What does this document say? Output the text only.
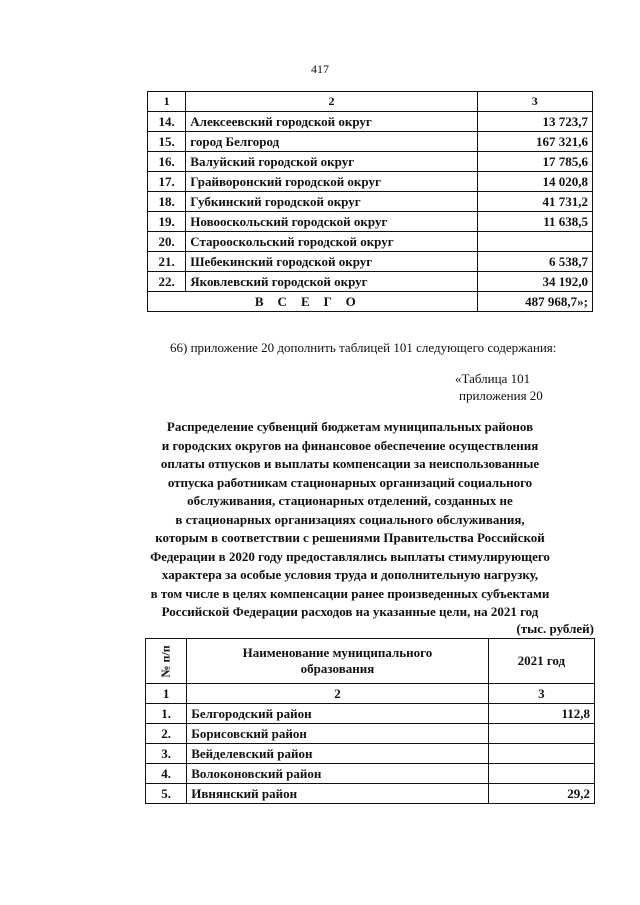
417
1	2	3
14.	Алексеевский городской округ	13 723,7
15.	город Белгород	167 321,6
16.	Валуйский городской округ	17 785,6
17.	Грайворонский городской округ	14 020,8
18.	Губкинский городской округ	41 731,2
19.	Новооскольский городской округ	11 638,5
20.	Старооскольский городской округ	
21.	Шебекинский городской округ	6 538,7
22.	Яковлевский городской округ	34 192,0
ВСЕГО		487 968,7»;
66) приложение 20 дополнить таблицей 101 следующего содержания:
«Таблица 101
приложения 20
Распределение субвенций бюджетам муниципальных районов
и городских округов на финансовое обеспечение осуществления
оплаты отпусков и выплаты компенсации за неиспользованные
отпуска работникам стационарных организаций социального
обслуживания, стационарных отделений, созданных не
в стационарных организациях социального обслуживания,
которым в соответствии с решениями Правительства Российской
Федерации в 2020 году предоставлялись выплаты стимулирующего
характера за особые условия труда и дополнительную нагрузку,
в том числе в целях компенсации ранее произведенных субъектами
Российской Федерации расходов на указанные цели, на 2021 год
(тыс. рублей)
№ п/п	Наименование муниципального образования	2021 год
1	2	3
1.	Белгородский район	112,8
2.	Борисовский район	
3.	Вейделевский район	
4.	Волоконовский район	
5.	Ивнянский район	29,2
